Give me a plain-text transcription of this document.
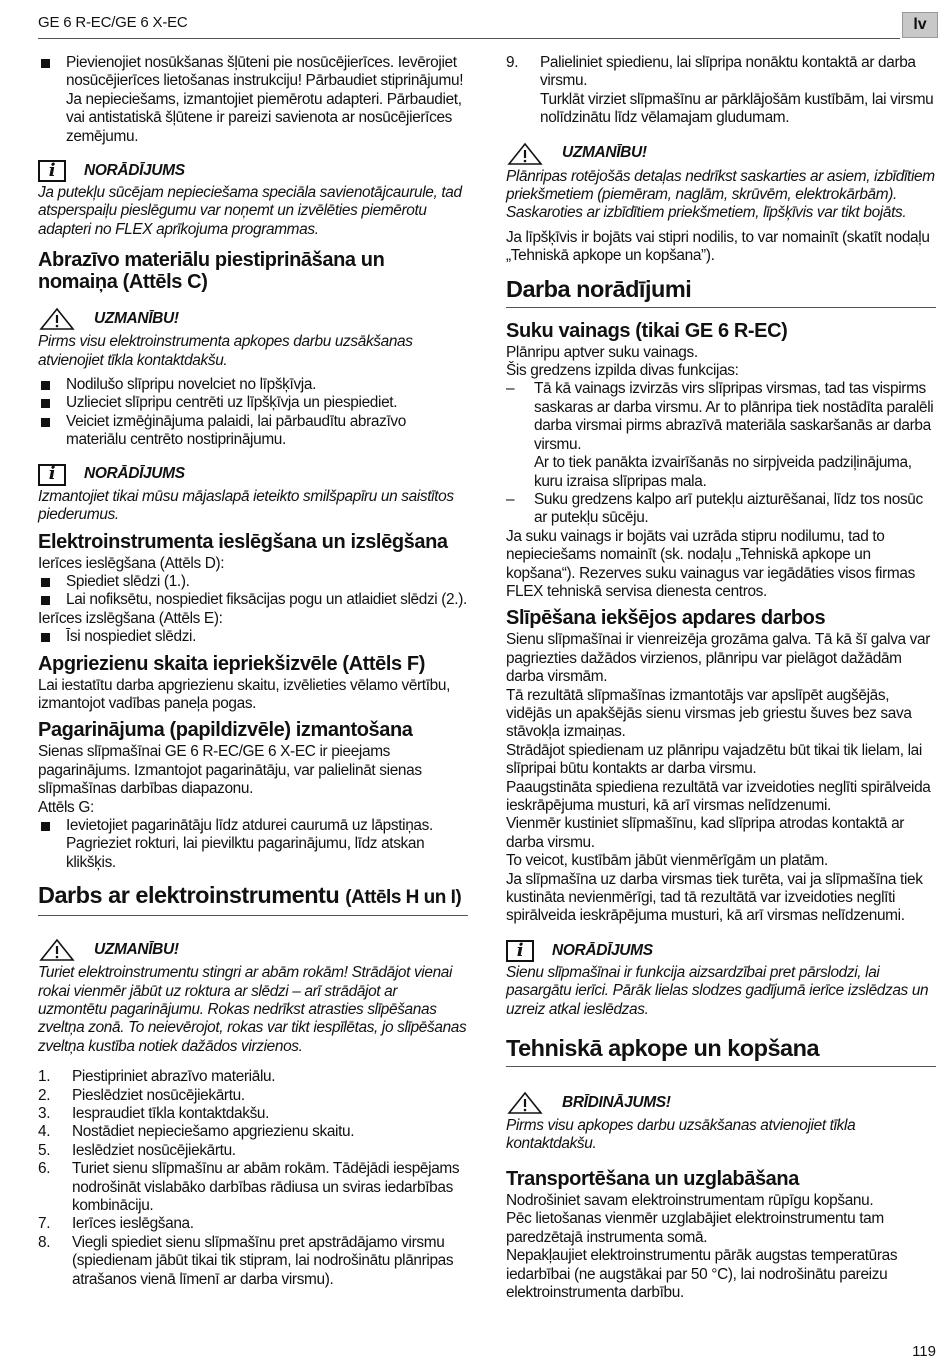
GE 6 R-EC/GE 6 X-EC	lv

Pievienojiet nosūkšanas šļūteni pie nosūcējierīces. Ievērojiet nosūcējierīces lietošanas instrukciju! Pārbaudiet stiprinājumu! Ja nepieciešams, izmantojiet piemērotu adapteri. Pārbaudiet, vai antistatiskā šļūtene ir pareizi savienota ar nosūcējierīces zemējumu.

i	NORĀDĪJUMS

Ja putekļu sūcējam nepieciešama speciāla savienotājcaurule, tad atsperspaiļu pieslēgumu var noņemt un izvēlēties piemērotu adapteri no FLEX aprīkojuma programmas.

Abrazīvo materiālu piestiprināšana un nomaiņa (Attēls C)
UZMANĪBU!

Pirms visu elektroinstrumenta apkopes darbu uzsākšanas atvienojiet tīkla kontaktdakšu.

Nodilušo slīpripu novelciet no līpšķīvja.

Uzlieciet slīpripu centrēti uz līpšķīvja un piespiediet.

Veiciet izmēģinājuma palaidi, lai pārbaudītu abrazīvo materiālu centrēto nostiprinājumu.

i	NORĀDĪJUMS

Izmantojiet tikai mūsu mājaslapā ieteikto smilšpapīru un saistītos piederumus.

Elektroinstrumenta ieslēgšana un izslēgšana

Ierīces ieslēgšana (Attēls D):

Spiediet slēdzi (1.).

Lai nofiksētu, nospiediet fiksācijas pogu un atlaidiet slēdzi (2.).

Ierīces izslēgšana (Attēls E):

Īsi nospiediet slēdzi.

Apgriezienu skaita iepriekšizvēle (Attēls F)

Lai iestatītu darba apgriezienu skaitu, izvēlieties vēlamo vērtību, izmantojot vadības paneļa pogas.

Pagarinājuma (papildizvēle) izmantošana

Sienas slīpmašīnai GE 6 R-EC/GE 6 X-EC ir pieejams pagarinājums. Izmantojot pagarinātāju, var palielināt sienas slīpmašīnas darbības diapazonu.

Attēls G:

Ievietojiet pagarinātāju līdz atdurei caurumā uz lāpstiņas. Pagrieziet rokturi, lai pievilktu pagarinājumu, līdz atskan klikšķis.

Darbs ar elektroinstrumentu (Attēls H un I)
UZMANĪBU!

Turiet elektroinstrumentu stingri ar abām rokām! Strādājot vienai rokai vienmēr jābūt uz roktura ar slēdzi – arī strādājot ar uzmontētu pagarinājumu. Rokas nedrīkst atrasties slīpēšanas zveltņa zonā. To neievērojot, rokas var tikt iespīlētas, jo slīpēšanas zveltņa kustība notiek dažādos virzienos.

1. Piestipriniet abrazīvo materiālu.

2. Pieslēdziet nosūcējiekārtu.

3. Iespraudiet tīkla kontaktdakšu.

4. Nostādiet nepieciešamo apgriezienu skaitu.

5. Ieslēdziet nosūcējiekārtu.

6. Turiet sienu slīpmašīnu ar abām rokām. Tādējādi iespējams nodrošināt vislabāko darbības rādiusa un sviras iedarbības kombināciju.

7. Ierīces ieslēgšana.

8. Viegli spiediet sienu slīpmašīnu pret apstrādājamo virsmu (spiedienam jābūt tikai tik stipram, lai nodrošinātu plānripas atrašanos vienā līmenī ar darba virsmu).

9. Palieliniet spiedienu, lai slīpripa nonāktu kontaktā ar darba virsmu.

Turklāt virziet slīpmašīnu ar pārklājošām kustībām, lai virsmu nolīdzinātu līdz vēlamajam gludumam.

UZMANĪBU!

Plānripas rotējošās detaļas nedrīkst saskarties ar asiem, izbīdītiem priekšmetiem (piemēram, naglām, skrūvēm, elektrokārbām). Saskaroties ar izbīdītiem priekšmetiem, līpšķīvis var tikt bojāts.

Ja līpšķīvis ir bojāts vai stipri nodilis, to var nomainīt (skatīt nodaļu „Tehniskā apkope un kopšana”).

Darba norādījumi
Suku vainags (tikai GE 6 R-EC)

Plānripu aptver suku vainags.

Šis gredzens izpilda divas funkcijas:

– Tā kā vainags izvirzās virs slīpripas virsmas, tad tas vispirms saskaras ar darba virsmu. Ar to plānripa tiek nostādīta paralēli darba virsmai pirms abrazīvā materiāla saskaršanās ar darba virsmu.

Ar to tiek panākta izvairīšanās no sirpjveida padziļinājuma, kuru izraisa slīpripas mala.

– Suku gredzens kalpo arī putekļu aizturēšanai, līdz tos nosūc ar putekļu sūcēju.

Ja suku vainags ir bojāts vai uzrāda stipru nodilumu, tad to nepieciešams nomainīt (sk. nodaļu „Tehniskā apkope un kopšana“). Rezerves suku vainagus var iegādāties visos firmas FLEX tehniskā servisa dienesta centros.

Slīpēšana iekšējos apdares darbos

Sienu slīpmašīnai ir vienreizēja grozāma galva. Tā kā šī galva var pagriezties dažādos virzienos, plānripu var pielāgot dažādām darba virsmām.

Tā rezultātā slīpmašīnas izmantotājs var apslīpēt augšējās, vidējās un apakšējās sienu virsmas jeb griestu šuves bez sava stāvokļa izmaiņas.

Strādājot spiedienam uz plānripu vajadzētu būt tikai tik lielam, lai slīpripai būtu kontakts ar darba virsmu.

Paaugstināta spiediena rezultātā var izveidoties neglīti spirālveida ieskrāpējuma musturi, kā arī virsmas nelīdzenumi.

Vienmēr kustiniet slīpmašīnu, kad slīpripa atrodas kontaktā ar darba virsmu.

To veicot, kustībām jābūt vienmērīgām un platām.

Ja slīpmašīna uz darba virsmas tiek turēta, vai ja slīpmašīna tiek kustināta nevienmērīgi, tad tā rezultātā var izveidoties neglīti spirālveida ieskrāpējuma musturi, kā arī virsmas nelīdzenumi.

i	NORĀDĪJUMS

Sienu slīpmašīnai ir funkcija aizsardzībai pret pārslodzi, lai pasargātu ierīci. Pārāk lielas slodzes gadījumā ierīce izslēdzas un uzreiz atkal ieslēdzas.

Tehniskā apkope un kopšana
BRĪDINĀJUMS!

Pirms visu apkopes darbu uzsākšanas atvienojiet tīkla kontaktdakšu.

Transportēšana un uzglabāšana

Nodrošiniet savam elektroinstrumentam rūpīgu kopšanu.

Pēc lietošanas vienmēr uzglabājiet elektroinstrumentu tam paredzētajā instrumenta somā.

Nepakļaujiet elektroinstrumentu pārāk augstas temperatūras iedarbībai (ne augstākai par 50 °C), lai nodrošinātu pareizu elektroinstrumenta darbību.

119
